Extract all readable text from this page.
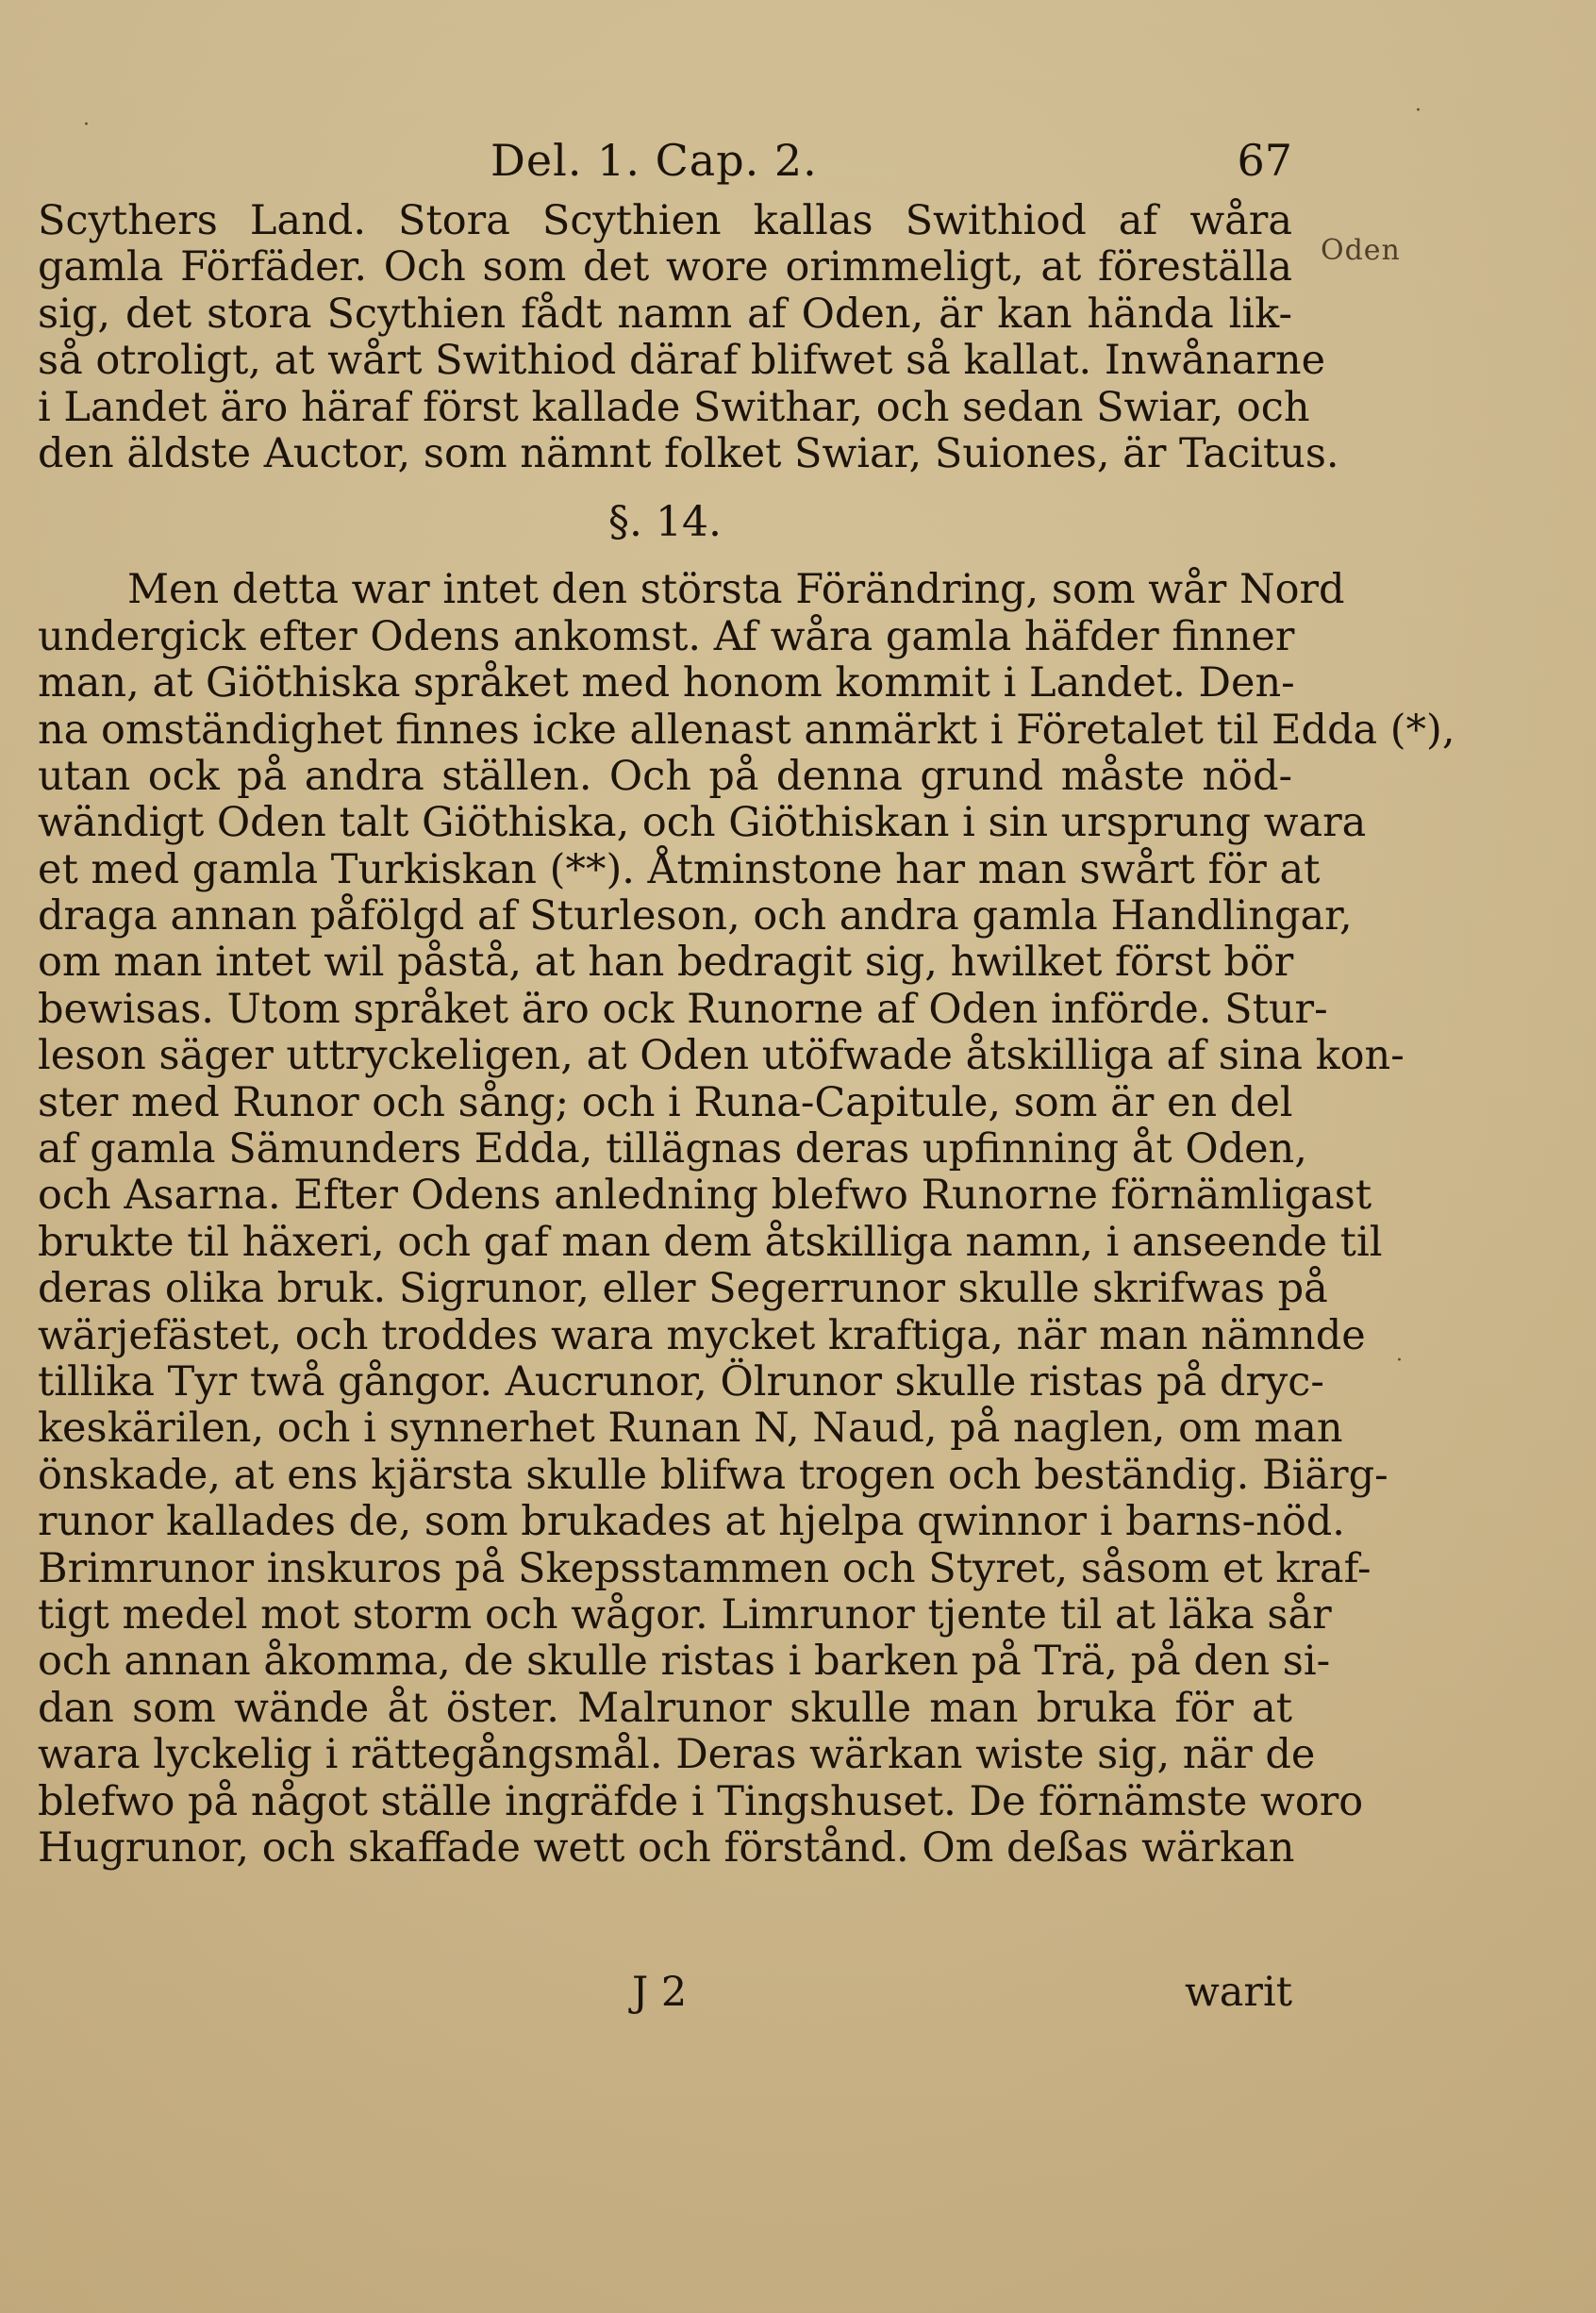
Del. 1. Cap. 2.	67
Oden
Scythers Land. Stora Scythien kallas Swithiod af wåra
gamla Förfäder. Och som det wore orimmeligt, at föreställa
sig, det stora Scythien fådt namn af Oden, är kan hända lik-
så otroligt, at wårt Swithiod däraf blifwet så kallat. Inwånarne
i Landet äro häraf först kallade Swithar, och sedan Swiar, och
den äldste Auctor, som nämnt folket Swiar, Suiones, är Tacitus.
§. 14.
Men detta war intet den största Förändring, som wår Nord
undergick efter Odens ankomst. Af wåra gamla häfder finner
man, at Giöthiska språket med honom kommit i Landet. Den-
na omständighet finnes icke allenast anmärkt i Företalet til Edda (*),
utan ock på andra ställen. Och på denna grund måste nöd-
wändigt Oden talt Giöthiska, och Giöthiskan i sin ursprung wara
et med gamla Turkiskan (**). Åtminstone har man swårt för at
draga annan påfölgd af Sturleson, och andra gamla Handlingar,
om man intet wil påstå, at han bedragit sig, hwilket först bör
bewisas. Utom språket äro ock Runorne af Oden införde. Stur-
leson säger uttryckeligen, at Oden utöfwade åtskilliga af sina kon-
ster med Runor och sång; och i Runa-Capitule, som är en del
af gamla Sämunders Edda, tillägnas deras upfinning åt Oden,
och Asarna. Efter Odens anledning blefwo Runorne förnämligast
brukte til häxeri, och gaf man dem åtskilliga namn, i anseende til
deras olika bruk. Sigrunor, eller Segerrunor skulle skrifwas på
wärjefästet, och troddes wara mycket kraftiga, när man nämnde
tillika Tyr twå gångor. Aucrunor, Ölrunor skulle ristas på dryc-
keskärilen, och i synnerhet Runan N, Naud, på naglen, om man
önskade, at ens kjärsta skulle blifwa trogen och beständig. Biärg-
runor kallades de, som brukades at hjelpa qwinnor i barns-nöd.
Brimrunor inskuros på Skepsstammen och Styret, såsom et kraf-
tigt medel mot storm och wågor. Limrunor tjente til at läka sår
och annan åkomma, de skulle ristas i barken på Trä, på den si-
dan som wände åt öster. Malrunor skulle man bruka för at
wara lyckelig i rättegångsmål. Deras wärkan wiste sig, när de
blefwo på något ställe ingräfde i Tingshuset. De förnämste woro
Hugrunor, och skaffade wett och förstånd. Om deßas wärkan
J 2	warit
·
·
·
